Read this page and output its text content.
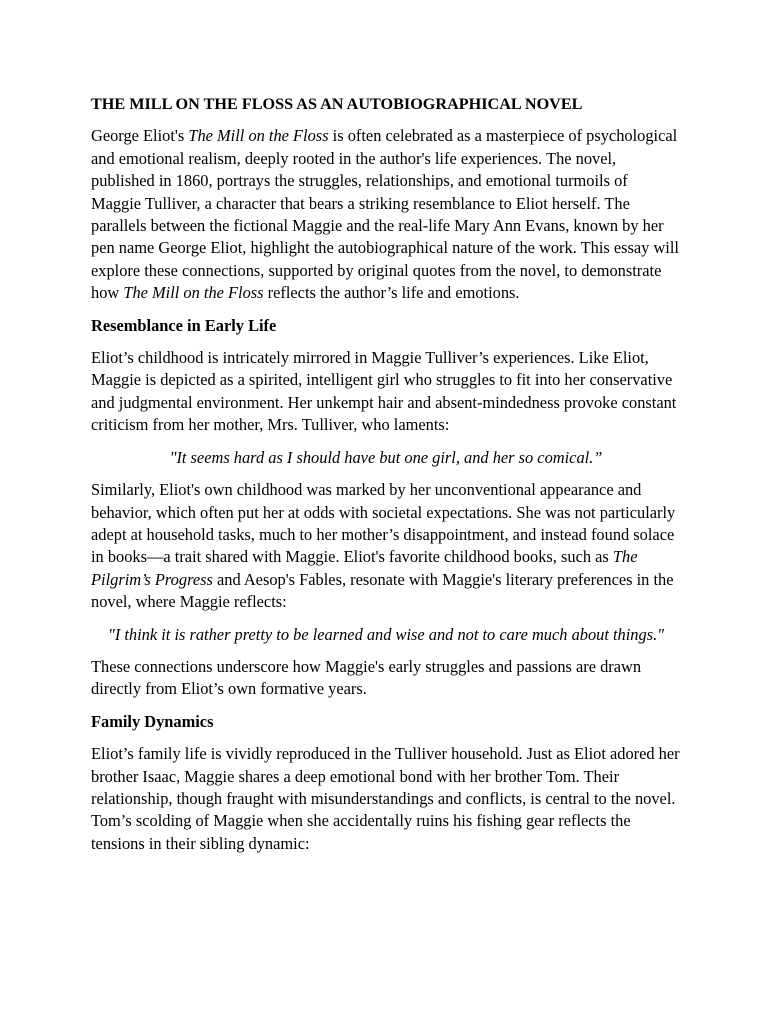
THE MILL ON THE FLOSS AS AN AUTOBIOGRAPHICAL NOVEL

George Eliot's The Mill on the Floss is often celebrated as a masterpiece of psychological and emotional realism, deeply rooted in the author's life experiences. The novel, published in 1860, portrays the struggles, relationships, and emotional turmoils of Maggie Tulliver, a character that bears a striking resemblance to Eliot herself. The parallels between the fictional Maggie and the real-life Mary Ann Evans, known by her pen name George Eliot, highlight the autobiographical nature of the work. This essay will explore these connections, supported by original quotes from the novel, to demonstrate how The Mill on the Floss reflects the author’s life and emotions.

Resemblance in Early Life

Eliot’s childhood is intricately mirrored in Maggie Tulliver’s experiences. Like Eliot, Maggie is depicted as a spirited, intelligent girl who struggles to fit into her conservative and judgmental environment. Her unkempt hair and absent-mindedness provoke constant criticism from her mother, Mrs. Tulliver, who laments:

"It seems hard as I should have but one girl, and her so comical.”

Similarly, Eliot's own childhood was marked by her unconventional appearance and behavior, which often put her at odds with societal expectations. She was not particularly adept at household tasks, much to her mother’s disappointment, and instead found solace in books—a trait shared with Maggie. Eliot's favorite childhood books, such as The Pilgrim’s Progress and Aesop's Fables, resonate with Maggie's literary preferences in the novel, where Maggie reflects:

"I think it is rather pretty to be learned and wise and not to care much about things."

These connections underscore how Maggie's early struggles and passions are drawn directly from Eliot’s own formative years.

Family Dynamics

Eliot’s family life is vividly reproduced in the Tulliver household. Just as Eliot adored her brother Isaac, Maggie shares a deep emotional bond with her brother Tom. Their relationship, though fraught with misunderstandings and conflicts, is central to the novel. Tom’s scolding of Maggie when she accidentally ruins his fishing gear reflects the tensions in their sibling dynamic:
